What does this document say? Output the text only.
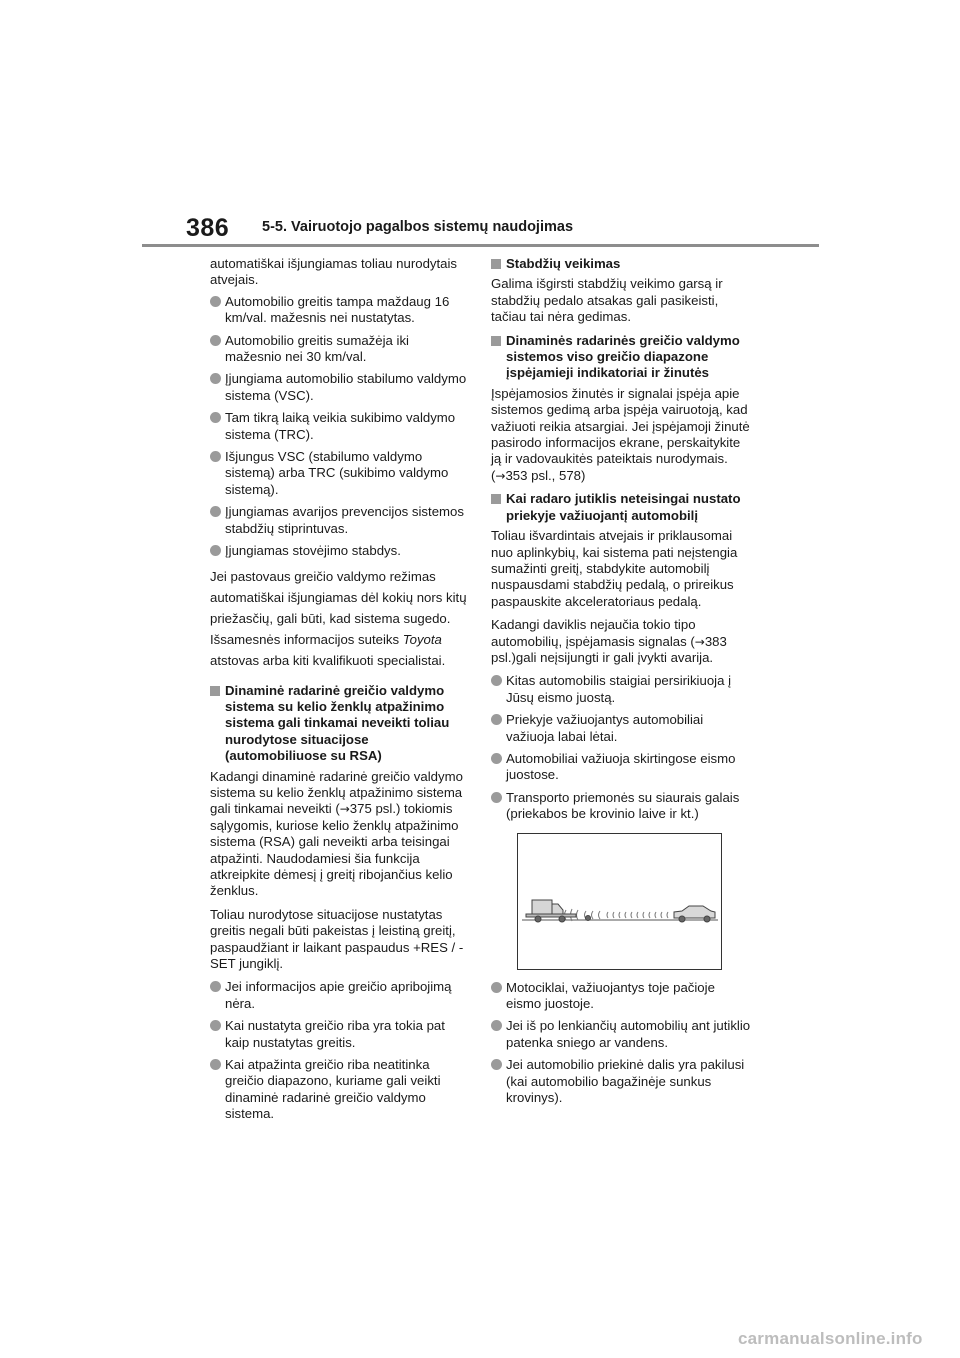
386 5-5. Vairuotojo pagalbos sistemų naudojimas
automatiškai išjungiamas toliau nurodytais atvejais.
Automobilio greitis tampa maždaug 16 km/val. mažesnis nei nustatytas.
Automobilio greitis sumažėja iki mažesnio nei 30 km/val.
Įjungiama automobilio stabilumo valdymo sistema (VSC).
Tam tikrą laiką veikia sukibimo valdymo sistema (TRC).
Išjungus VSC (stabilumo valdymo sistemą) arba TRC (sukibimo valdymo sistemą).
Įjungiamas avarijos prevencijos sistemos stabdžių stiprintuvas.
Įjungiamas stovėjimo stabdys.
Jei pastovaus greičio valdymo režimas
automatiškai išjungiamas dėl kokių nors kitų
priežasčių, gali būti, kad sistema sugedo.
Išsamesnės informacijos suteiks Toyota
atstovas arba kiti kvalifikuoti specialistai.
Dinaminė radarinė greičio valdymo sistema su kelio ženklų atpažinimo sistema gali tinkamai neveikti toliau nurodytose situacijose (automobiliuose su RSA)
Kadangi dinaminė radarinė greičio valdymo sistema su kelio ženklų atpažinimo sistema gali tinkamai neveikti (→375 psl.) tokiomis sąlygomis, kuriose kelio ženklų atpažinimo sistema (RSA) gali neveikti arba teisingai atpažinti. Naudodamiesi šia funkcija atkreipkite dėmesį į greitį ribojančius kelio ženklus.
Toliau nurodytose situacijose nustatytas greitis negali būti pakeistas į leistiną greitį, paspaudžiant ir laikant paspaudus +RES / -SET jungiklį.
Jei informacijos apie greičio apribojimą nėra.
Kai nustatyta greičio riba yra tokia pat kaip nustatytas greitis.
Kai atpažinta greičio riba neatitinka greičio diapazono, kuriame gali veikti dinaminė radarinė greičio valdymo sistema.
Stabdžių veikimas
Galima išgirsti stabdžių veikimo garsą ir stabdžių pedalo atsakas gali pasikeisti, tačiau tai nėra gedimas.
Dinaminės radarinės greičio valdymo sistemos viso greičio diapazone įspėjamieji indikatoriai ir žinutės
Įspėjamosios žinutės ir signalai įspėja apie sistemos gedimą arba įspėja vairuotoją, kad važiuoti reikia atsargiai. Jei įspėjamoji žinutė pasirodo informacijos ekrane, perskaitykite ją ir vadovaukitės pateiktais nurodymais.
(→353 psl., 578)
Kai radaro jutiklis neteisingai nustato priekyje važiuojantį automobilį
Toliau išvardintais atvejais ir priklausomai nuo aplinkybių, kai sistema pati neįstengia sumažinti greitį, stabdykite automobilį nuspausdami stabdžių pedalą, o prireikus paspauskite akceleratoriaus pedalą.
Kadangi daviklis nejaučia tokio tipo automobilių, įspėjamasis signalas (→383 psl.)gali neįsijungti ir gali įvykti avarija.
Kitas automobilis staigiai persirikiuoja į Jūsų eismo juostą.
Priekyje važiuojantys automobiliai važiuoja labai lėtai.
Automobiliai važiuoja skirtingose eismo juostose.
Transporto priemonės su siaurais galais (priekabos be krovinio laive ir kt.)
Motociklai, važiuojantys toje pačioje eismo juostoje.
Jei iš po lenkiančių automobilių ant jutiklio patenka sniego ar vandens.
Jei automobilio priekinė dalis yra pakilusi (kai automobilio bagažinėje sunkus krovinys).
carmanualsonline.info
